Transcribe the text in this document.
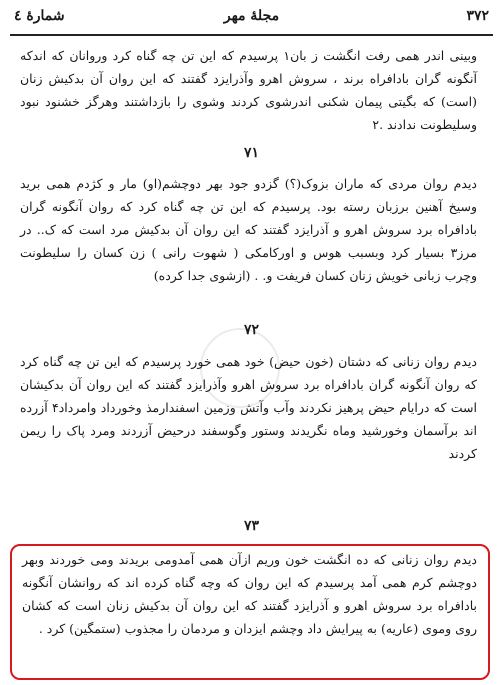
۳۷۲
مجلهٔ مهر
شمارهٔ ٤
وبینی اندر همی رفت انگشت ز بان۱ پرسیدم که این تن چه گناه کرد وروانان که اندکه آنگونه گران بادافراه برند ، سروش اهرو وآذرایزد گفتند که این روان آن بدکیش زنان (است) که بگیتی پیمان شکنی اندرشوی کردند وشوی را بازداشتند وهرگز خشنود نبود وسلیطونت ندادند .۲
۷۱
دیدم روان مردی که ماران بزوک(؟) گزدو جود بهر دوچشم(او) مار و کژدم همی برید وسیخ آهنین برزبان رسته بود. پرسیدم که این تن چه گناه کرد که روان آنگونه گران بادافراه برد سروش اهرو و آذرایزد گفتند که این روان آن بدکیش مرد است که ک.. در مرز۳ بسیار کرد وبسبب هوس و اورکامکی ( شهوت رانی ) زن کسان را سلیطونت وچرب زبانی خویش زنان کسان فریفت و. . (ازشوی جدا کرده)
۷۲
دیدم روان زنانی که دشتان (خون حیض) خود همی خورد پرسیدم که این تن چه گناه کرد که روان آنگونه گران بادافراه برد سروش اهرو وآذرایزد گفتند که این روان آن بدکیشان است که درایام حیض پرهیز نکردند وآب وآتش وزمین اسفندارمذ وخورداد وامرداد۴ آزرده اند برآسمان وخورشید وماه نگریدند وستور وگوسفند درحیض آزردند ومرد پاک را ریمن کردند
۷۳
دیدم روان زنانی که ده انگشت خون وریم ازآن همی آمدومی بریدند ومی خوردند وبهر دوچشم کرم همی آمد پرسیدم که این روان که وچه گناه کرده اند که روانشان آنگونه بادافراه برد سروش اهرو و آذرایزد گفتند که این روان آن بدکیش زنان است که کشان روی وموی (عاریه) به پیرایش داد وچشم ایزدان و مردمان را مجذوب (ستمگین) کرد .
